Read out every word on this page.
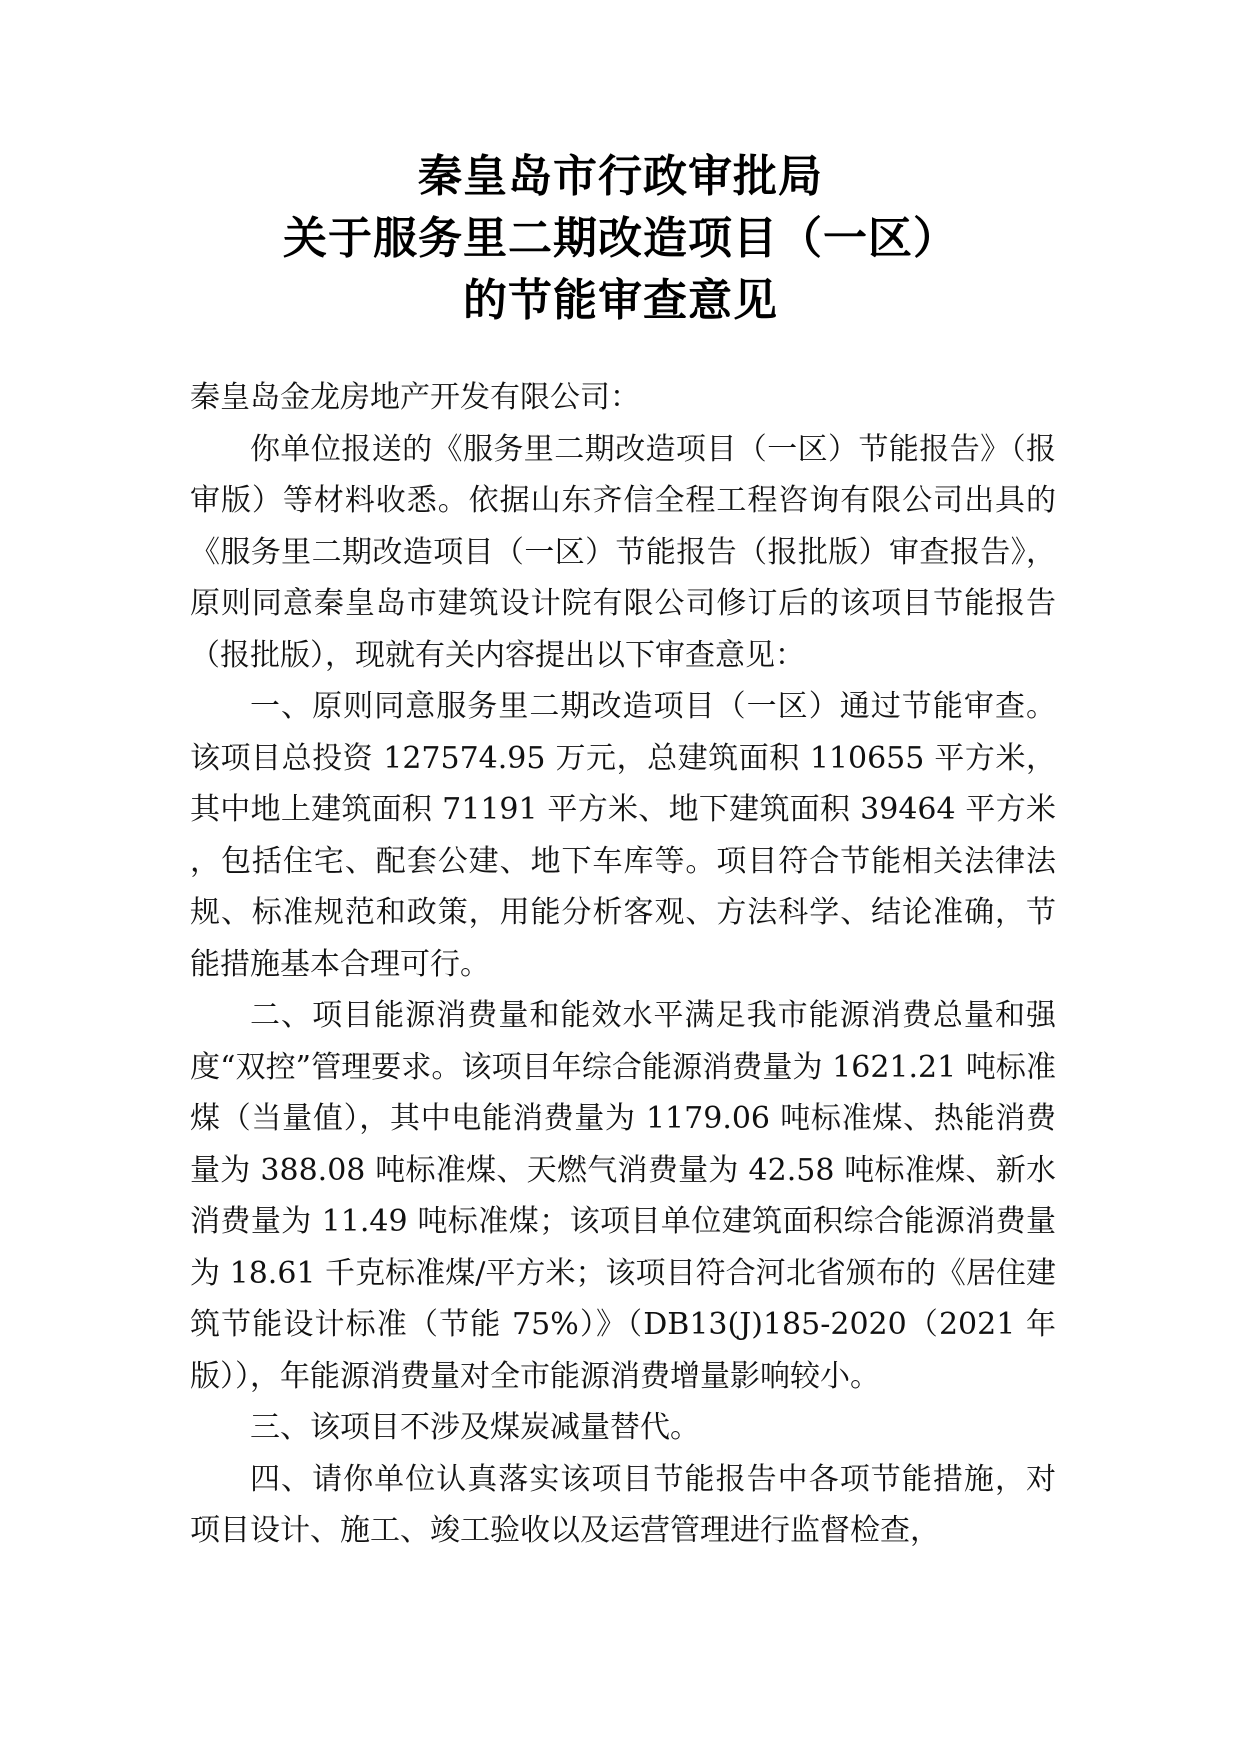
秦皇岛市行政审批局
关于服务里二期改造项目（一区）
的节能审查意见

秦皇岛金龙房地产开发有限公司：

你单位报送的《服务里二期改造项目（一区）节能报告》（报审版）等材料收悉。依据山东齐信全程工程咨询有限公司出具的《服务里二期改造项目（一区）节能报告（报批版）审查报告》，原则同意秦皇岛市建筑设计院有限公司修订后的该项目节能报告（报批版），现就有关内容提出以下审查意见：

一、原则同意服务里二期改造项目（一区）通过节能审查。该项目总投资 127574.95 万元，总建筑面积 110655 平方米，其中地上建筑面积 71191 平方米、地下建筑面积 39464 平方米，包括住宅、配套公建、地下车库等。项目符合节能相关法律法规、标准规范和政策，用能分析客观、方法科学、结论准确，节能措施基本合理可行。

二、项目能源消费量和能效水平满足我市能源消费总量和强度“双控”管理要求。该项目年综合能源消费量为 1621.21 吨标准煤（当量值），其中电能消费量为 1179.06 吨标准煤、热能消费量为 388.08 吨标准煤、天燃气消费量为 42.58 吨标准煤、新水消费量为 11.49 吨标准煤；该项目单位建筑面积综合能源消费量为 18.61 千克标准煤/平方米；该项目符合河北省颁布的《居住建筑节能设计标准（节能 75%）》（DB13(J)185-2020（2021 年版）），年能源消费量对全市能源消费增量影响较小。

三、该项目不涉及煤炭减量替代。

四、请你单位认真落实该项目节能报告中各项节能措施，对项目设计、施工、竣工验收以及运营管理进行监督检查，
